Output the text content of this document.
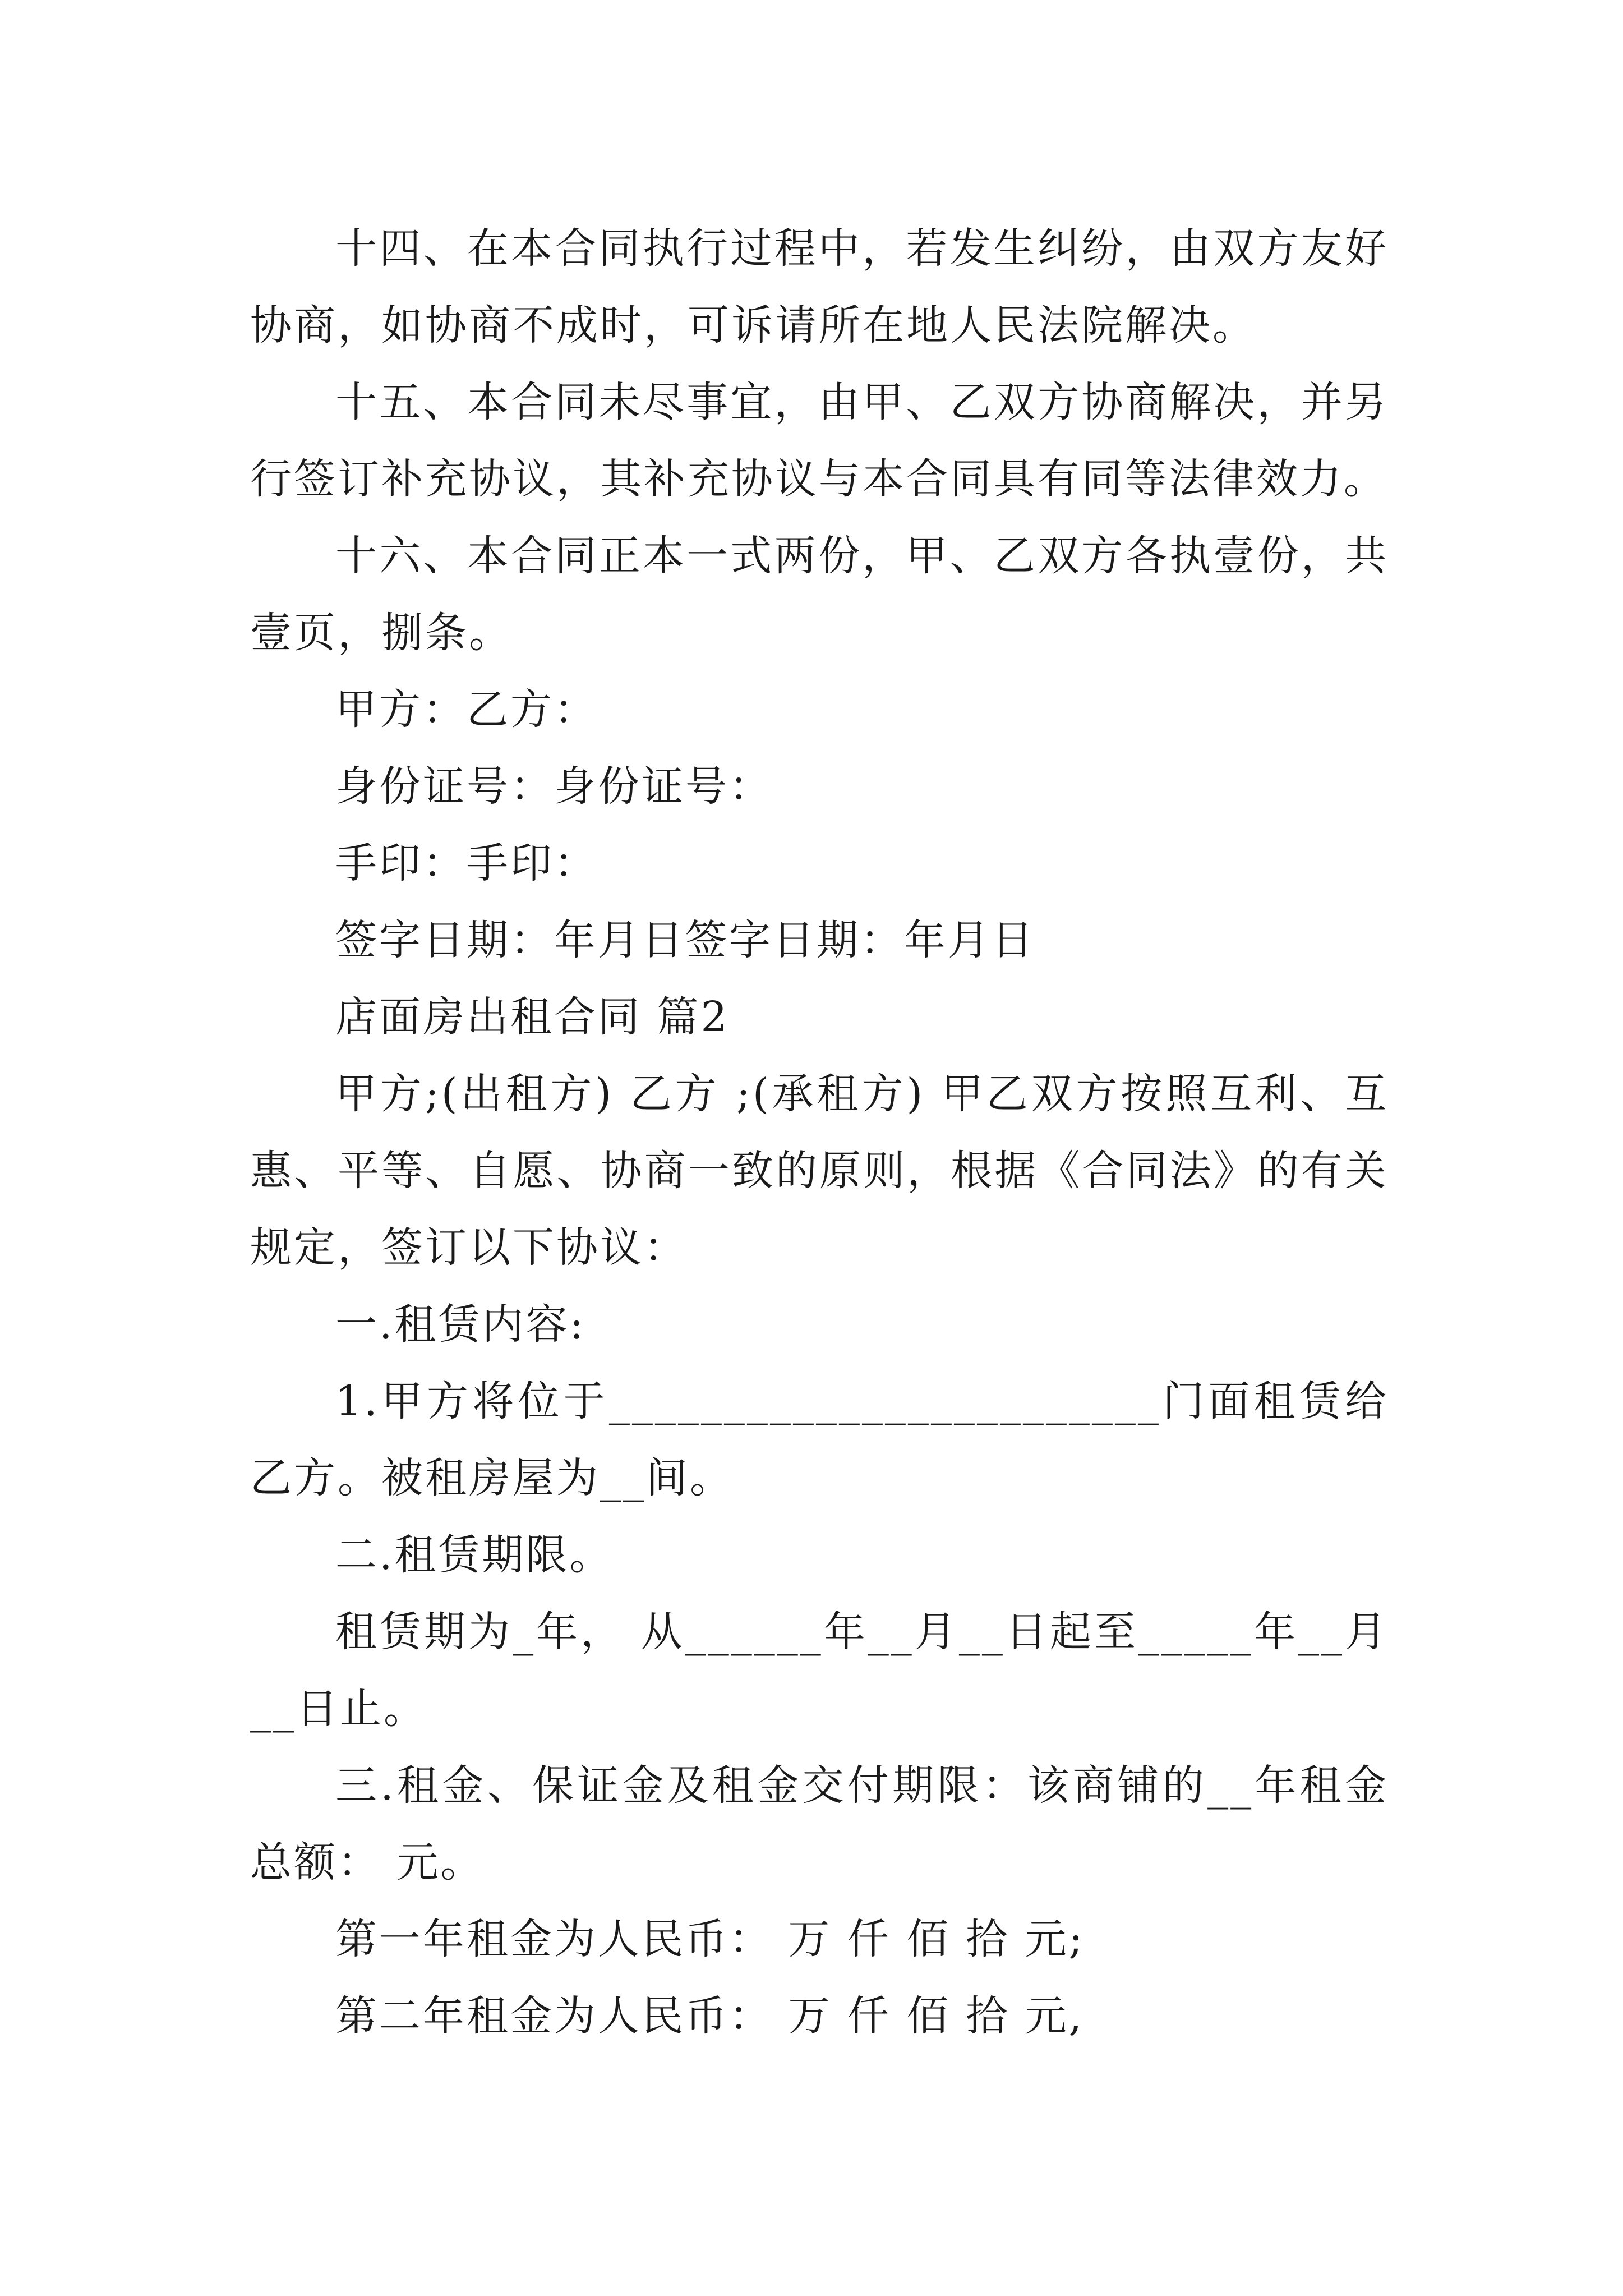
十四、在本合同执行过程中，若发生纠纷，由双方友好协商，如协商不成时，可诉请所在地人民法院解决。

十五、本合同未尽事宜，由甲、乙双方协商解决，并另行签订补充协议，其补充协议与本合同具有同等法律效力。

十六、本合同正本一式两份，甲、乙双方各执壹份，共壹页，捌条。

甲方：乙方：

身份证号：身份证号：

手印：手印：

签字日期：年月日签字日期：年月日

店面房出租合同 篇2

甲方;(出租方) 乙方 ;(承租方) 甲乙双方按照互利、互惠、平等、自愿、协商一致的原则，根据《合同法》的有关规定，签订以下协议：

一.租赁内容:

1.甲方将位于________________________门面租赁给乙方。被租房屋为__间。

二.租赁期限。

租赁期为_年， 从______年__月__日起至_____年__月__日止。

三.租金、保证金及租金交付期限：该商铺的__年租金总额： 元。

第一年租金为人民币： 万 仟 佰 拾 元;

第二年租金为人民币： 万 仟 佰 拾 元,
